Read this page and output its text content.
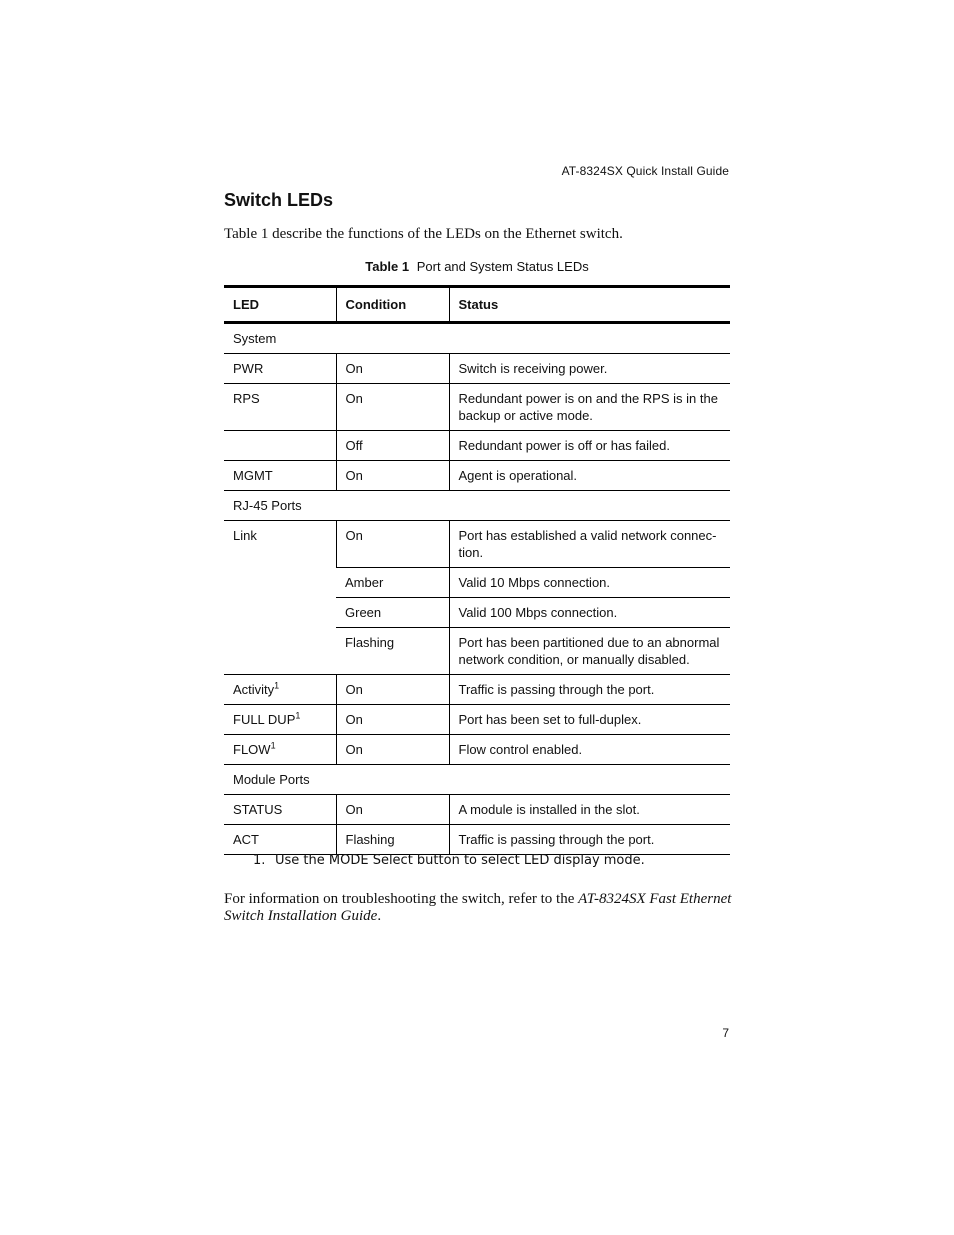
AT-8324SX Quick Install Guide
Switch LEDs

Table 1 describe the functions of the LEDs on the Ethernet switch.

Table 1 Port and System Status LEDs
LED	Condition	Status
System		
PWR	On	Switch is receiving power.
RPS	On	Redundant power is on and the RPS is in the backup or active mode.
	Off	Redundant power is off or has failed.
MGMT	On	Agent is operational.
RJ-45 Ports		
Link	On	Port has established a valid network connec-
tion.
	Amber	Valid 10 Mbps connection.
	Green	Valid 100 Mbps connection.
	Flashing	Port has been partitioned due to an abnormal network condition, or manually disabled.
Activity$^1$	On	Traffic is passing through the port.
FULL DUP$^1$	On	Port has been set to full-duplex.
FLOW$^1$	On	Flow control enabled.
Module Ports		
STATUS	On	A module is installed in the slot.
ACT	Flashing	Traffic is passing through the port.
1. Use the MODE Select button to select LED display mode.

For information on troubleshooting the switch, refer to the AT-8324SX Fast Ethernet Switch Installation Guide.

7
